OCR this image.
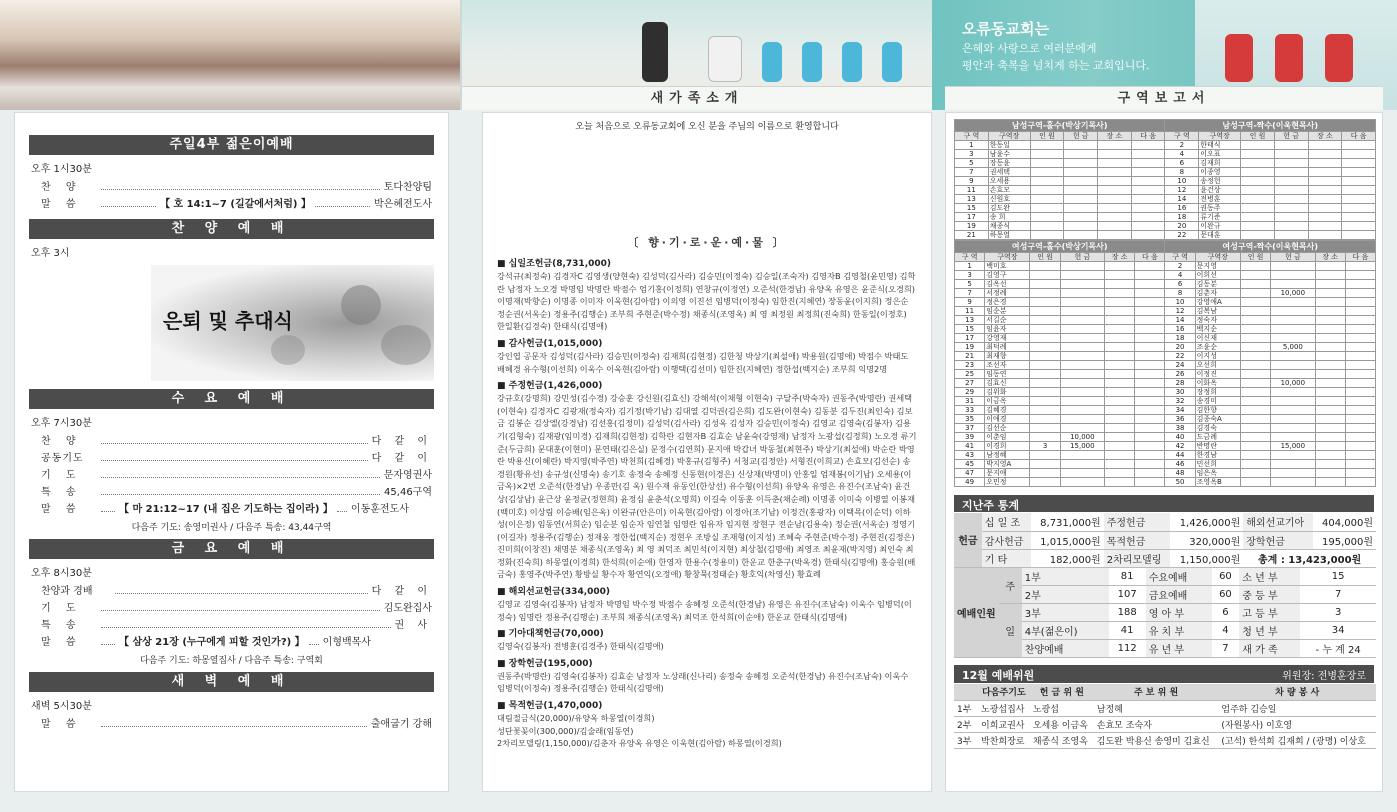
오류동교회는
은혜와 사랑으로 여러분에게
평안과 축복을 넘치게 하는 교회입니다.
새가족소개	구역보고서
주일4부 젊은이예배
오후 1시30분
찬 양	토다찬양팀
말 씀	【 호 14:1~7 (길갈에서처럼) 】	박은혜전도사
찬 양 예 배
오후 3시
은퇴 및 추대식
수 요 예 배
오후 7시30분
찬 양	다 같 이
공동기도	다 같 이
기 도	문자영권사
특 송	45,46구역
말 씀	【 마 21:12~17 (내 집은 기도하는 집이라) 】 이동훈전도사
다음주 기도: 송영미권사 / 다음주 특송: 43,44구역
금 요 예 배
오후 8시30분
찬양과 경배	다 같 이
기 도	김도완집사
특 송	권 사
말 씀	【 삼상 21장 (누구에게 피할 것인가?) 】 이형백목사
다음주 기도: 하몽열집사 / 다음주 특송: 구역회
새 벽 예 배
새벽 5시30분
말 씀	출애굽기 강해
오늘 처음으로 오류동교회에 오신 분을 주님의 이름으로 환영합니다
〔 향·기·로·운·예·물 〕
■ 십일조헌금(8,731,000)
강석규(최정숙) 김경자C 김영생(양현숙) 김성덕(김사라) 김승민(이정숙) 김승일(조숙자) 김영자B 김영철(윤민영) 김학란 남정자 노오경 박명임 박명란 박점수 엄기홍(이정희) 연창규(이정연) 오준석(한경남) 유양옥 유영은 윤준식(오경희) 이명재(박향순) 이명종 이미자 이욱현(김아람) 이의영 이진선 임병덕(이정숙) 임한진(지혜연) 장동윤(이지희) 정은순 정순권(서옥순) 정용주(김행순) 조부희 주현준(박수정) 채종식(조영옥) 최 영 최정원 최정희(진숙희) 한동일(이정호) 한일환(김경숙) 한태식(김명애)
■ 감사헌금(1,015,000)
강인엽 공문자 김성덕(김사라) 김승민(이정숙) 김재희(김현정) 김한청 박상기(최설애) 박용원(김명애) 박점수 박태도 배혜경 유수형(이선희) 이욱수 이욱현(김아람) 이행택(김선미) 임한진(지혜연) 정한섭(백지순) 조부희 익명2명
■ 주정헌금(1,426,000)
강규호(강명희) 강민성(김수경) 강승훈 강신원(김효신) 강해석(이채형 이현숙) 구달주(박숙자) 권동주(박명란) 권세택(이현숙) 김경자C 김광재(정숙자) 김기정(박기남) 김대열 김덕권(김은희) 김도완(이현숙) 김동분 김두진(최인숙) 김보금 김봉순 김상엘(강경남) 김선홍(김정미) 김성덕(김사라) 김성옥 김성자 김승민(이정숙) 김영교 김영숙(김봉자) 김용기(김형숙) 김재광(임미경) 김재희(김현정) 김학란 김현자B 김효순 남윤숙(강영재) 남정자 노광섭(김정희) 노오경 류기준(두금희) 문대훈(이현미) 문연태(김은실) 문정수(김연희) 문지애 박갑녀 박동철(최현주) 박상기(최설애) 박순란 박영란 박용신(이혜란) 박지영(박주연) 박천희(김혜경) 박홍규(김형주) 서청교(김정안) 서형진(이희교) 손효모(김선순) 송경원(황유선) 송규성(신명숙) 송기호 송정숙 송혜정 신동현(이경은) 신상재(박명미) 안홍일 엄재봉(이기남) 오세용(이금옥)×2번 오준석(한경남) 우종만(김 옥) 원수재 유동인(한상선) 유수형(이선희) 유양옥 유영은 유진수(조남숙) 윤건상(김상남) 윤근상 윤정균(정현희) 윤정심 윤춘석(오명희) 이길숙 이동훈 이득춘(채순례) 이명종 이미숙 이병열 이봉재(백미호) 이상림 이승배(임은옥) 이완규(안은미) 이욱현(김아람) 이정아(조기남) 이정건(홍광자) 이택목(이순덕) 이하성(이은정) 임동연(서희순) 임순분 임순자 임연철 임영란 임유자 임지현 장현구 전순남(김용숙) 정순권(서옥순) 정영기(이길자) 정용주(김행순) 정재웅 정한섭(백지순) 정현우 조방실 조재형(이지성) 조혜숙 주현준(박수정) 주현진(김정은) 진미희(이창진) 채명분 채종식(조영옥) 최 영 최덕조 최민석(이지현) 최상철(김명애) 최영조 최윤재(박지영) 최인숙 최정화(진숙희) 하몽열(이경희) 한석희(이순애) 한영자 한용수(정용미) 한운교 한춘구(박옥경) 한태식(김명애) 홍승원(배금숙) 홍영주(박주연) 황방실 황수자 황연익(오정애) 황창묵(정태순) 황호익(차영신) 황효례
■ 해외선교헌금(334,000)
김영교 김영숙(김봉자) 남정자 박명임 박수정 박점수 송혜정 오준석(한경남) 유영은 유진수(조남숙) 이욱수 임병덕(이정숙) 임명란 정용주(김행순) 조부희 채종식(조영옥) 최덕조 한석희(이순애) 한운교 한태식(김명애)
■ 기아대책헌금(70,000)
김영숙(김봉자) 전병훈(김경주) 한태식(김명애)
■ 장학헌금(195,000)
권동주(박명란) 김영숙(김봉자) 김효순 남정자 노상래(신나리) 송정숙 송혜정 오준석(한경남) 유진수(조남숙) 이욱수 임병덕(이정숙) 정용주(김행순) 한태식(김명애)
■ 목적헌금(1,470,000)
대림절금식(20,000)/유양옥 하몽열(이경희)
성단꽃꽂이(300,000)/김술래(임동연)
2차리모델링(1,150,000)/김춘자 유양옥 유영은 이욱현(김아람) 하몽열(이경희)
남성구역-홀수(박상기목사)						남성구역-짝수(이욱현목사)					
구 역	구역장	인 원	헌 금	장 소	다 음	구 역	구역장	인 원	헌 금	장 소	다 음
1	한동일					2	한태식				
3	남윤수					4	이오표				
5	장동윤					6	김재희				
7	권세택					8	이종영				
9	오세용					10	송정헌				
11	손효모					12	윤건상				
13	신원호					14	전병훈				
15	김도완					16	권동주				
17	송 희					18	류기준				
19	채종식					20	이완규				
21	하몽열					22	문대훈				
여성구역-홀수(박상기목사)						여성구역-짝수(이욱현목사)					
구 역	구역장	인 원	헌 금	장 소	다 음	구 역	구역장	인 원	헌 금	장 소	다 음
1	백미호					2	문지영				
3	김영구					4	이희선				
5	김옥선					6	김동분				
7	서정례					8	김춘자		10,000		
9	정은경					10	강영애A				
11	임순분					12	김복남				
13	서길순					14	정숙자				
15	임윤자					16	백지순				
17	강영재					18	이신재				
19	최덕례					20	조윤순		5,000		
21	최재향					22	이지성				
23	조선자					24	오선희				
25	임동연					26	이정진				
27	김효신					28	이화옥		10,000		
29	김위화					30	장정희				
31	이금옥					32	송경미				
33	김혜경					34	김한향				
35	이애경					36	김종숙A				
37	김선순					38	김경숙				
39	이춘임		10,000			40	도금례				
41	이경희	3	15,000			42	반명란		15,000		
43	남정혜					44	한경남				
45	박지영A					46	민선희				
47	문지애					48	임은옥				
49	오민정					50	조영옥B				
지난주 통계
헌금	십 일 조	8,731,000원	주정헌금	1,426,000원	해외선교기아	404,000원
	감사헌금	1,015,000원	목적헌금	320,000원	장학헌금	195,000원
	기 타	182,000원	2차리모델링	1,150,000원	총계 : 13,423,000원	
예배인원	주	1부	81	수요예배	60	소 년 부	15
		2부	107	금요예배	60	중 등 부	7
	일	3부	188	영 아 부	6	고 등 부	3
		4부(젊은이)	41	유 치 부	4	청 년 부	34
		찬양예배	112	유 년 부	7	새 가 족	- 누 계 24
12월 예배위원	위원장: 전병훈장로
	다음주기도	헌 금 위 원	주 보 위 원	차 량 봉 사
1부	노광섭집사	노광섭	남정혜	엄주하 김승일
2부	이희교권사	오세용 이금옥	손효모 조숙자	(자원봉사) 이호영
3부	박찬희장로	채종식 조영옥	김도완 박용신 송영미 김효신	(고석) 한석희 김재희 / (광명) 이상호
